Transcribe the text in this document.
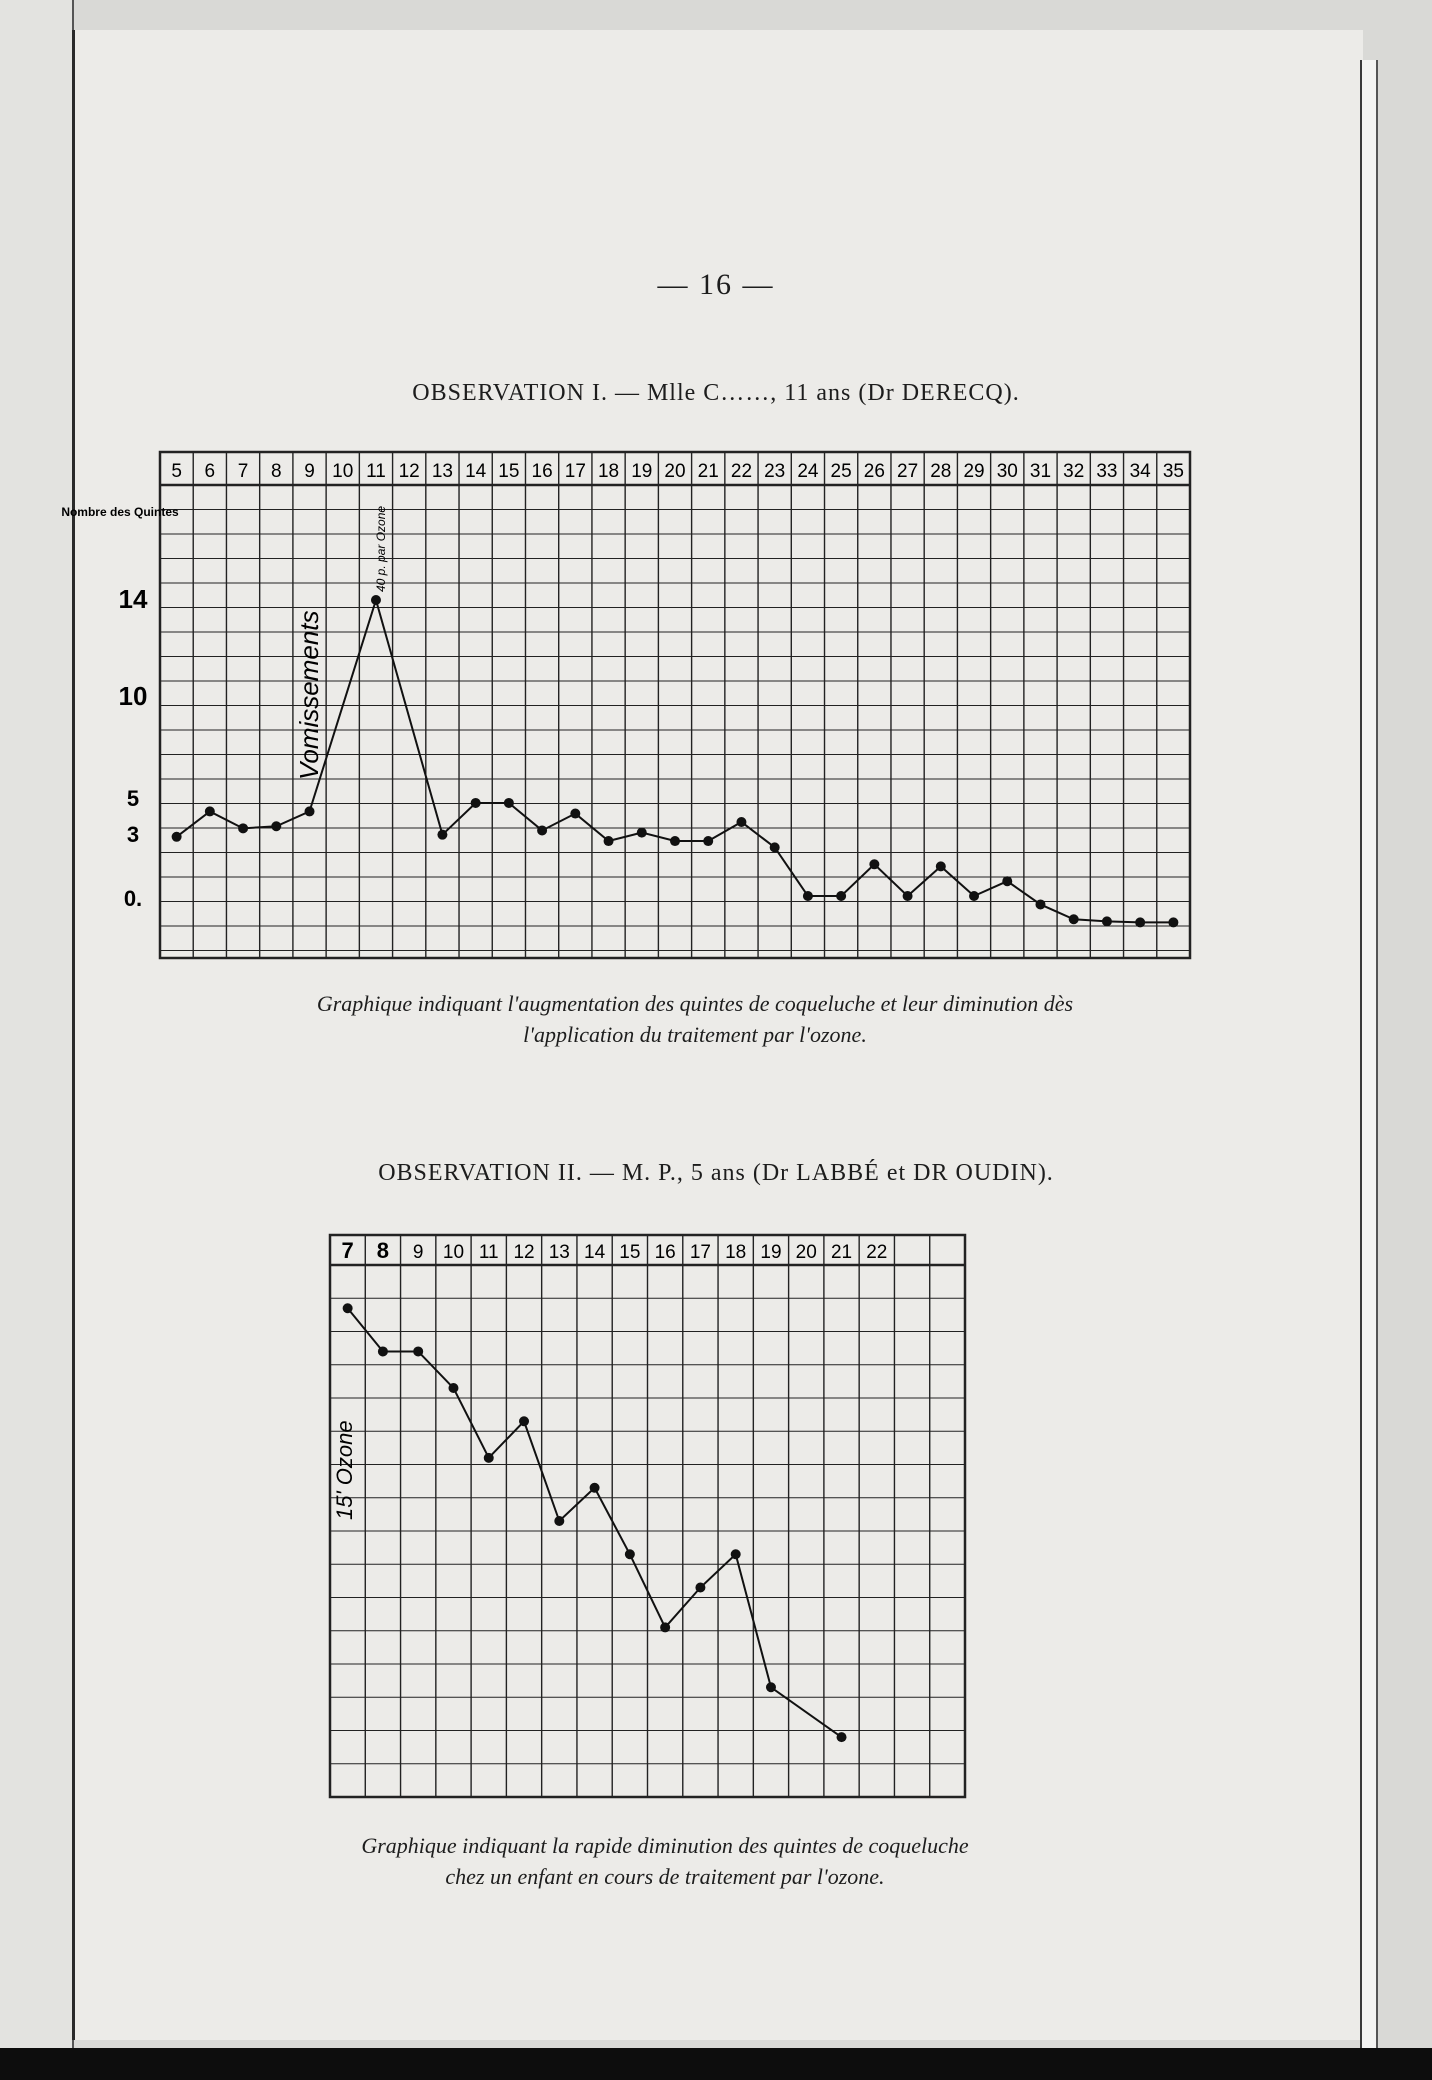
— 16 —
OBSERVATION I. — Mlle C……, 11 ans (Dr DERECQ).
OBSERVATION II. — M. P., 5 ans (Dr LABBÉ et DR OUDIN).
5 6 7 8 9 10 11 12 13 14 15 16 17 18 19 20 21 22 23 24 25 26 27 28 29 30 31 32 33 34 35
Nombre des Quintes
14
10
5
3
0.
Vomissements
40 p. par Ozone
7 8 9 10 11 12 13 14 15 16 17 18 19 20 21 22
15' Ozone
Graphique indiquant l'augmentation des quintes de coqueluche et leur diminution dès
l'application du traitement par l'ozone.
Graphique indiquant la rapide diminution des quintes de coqueluche
chez un enfant en cours de traitement par l'ozone.
